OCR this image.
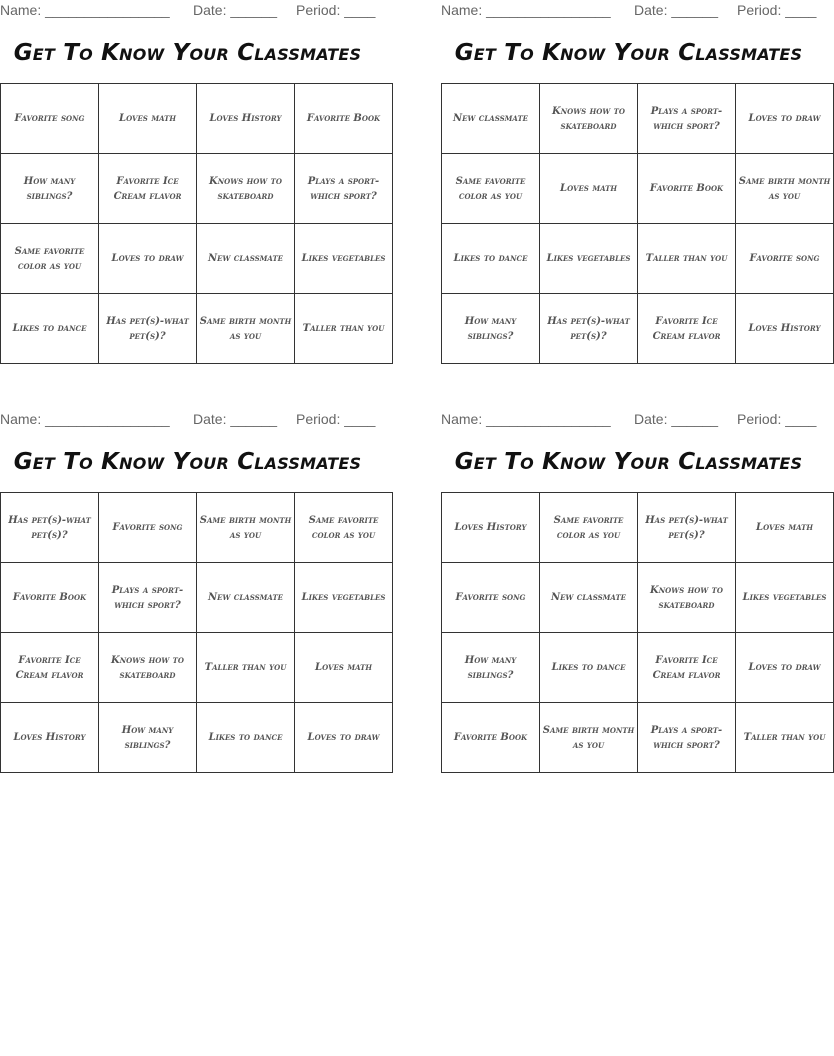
Name: ________________ Date: ______ Period: ____
Get To Know Your Classmates
Favorite song	Loves math	Loves History	Favorite Book
How many siblings?	Favorite Ice Cream flavor	Knows how to skateboard	Plays a sport-which sport?
Same favorite color as you	Loves to draw	New classmate	Likes vegetables
Likes to dance	Has pet(s)-what pet(s)?	Same birth month as you	Taller than you
Name: ________________ Date: ______ Period: ____
Get To Know Your Classmates
New classmate	Knows how to skateboard	Plays a sport-which sport?	Loves to draw
Same favorite color as you	Loves math	Favorite Book	Same birth month as you
Likes to dance	Likes vegetables	Taller than you	Favorite song
How many siblings?	Has pet(s)-what pet(s)?	Favorite Ice Cream flavor	Loves History
Name: ________________ Date: ______ Period: ____
Get To Know Your Classmates
Has pet(s)-what pet(s)?	Favorite song	Same birth month as you	Same favorite color as you
Favorite Book	Plays a sport-which sport?	New classmate	Likes vegetables
Favorite Ice Cream flavor	Knows how to skateboard	Taller than you	Loves math
Loves History	How many siblings?	Likes to dance	Loves to draw
Name: ________________ Date: ______ Period: ____
Get To Know Your Classmates
Loves History	Same favorite color as you	Has pet(s)-what pet(s)?	Loves math
Favorite song	New classmate	Knows how to skateboard	Likes vegetables
How many siblings?	Likes to dance	Favorite Ice Cream flavor	Loves to draw
Favorite Book	Same birth month as you	Plays a sport-which sport?	Taller than you
